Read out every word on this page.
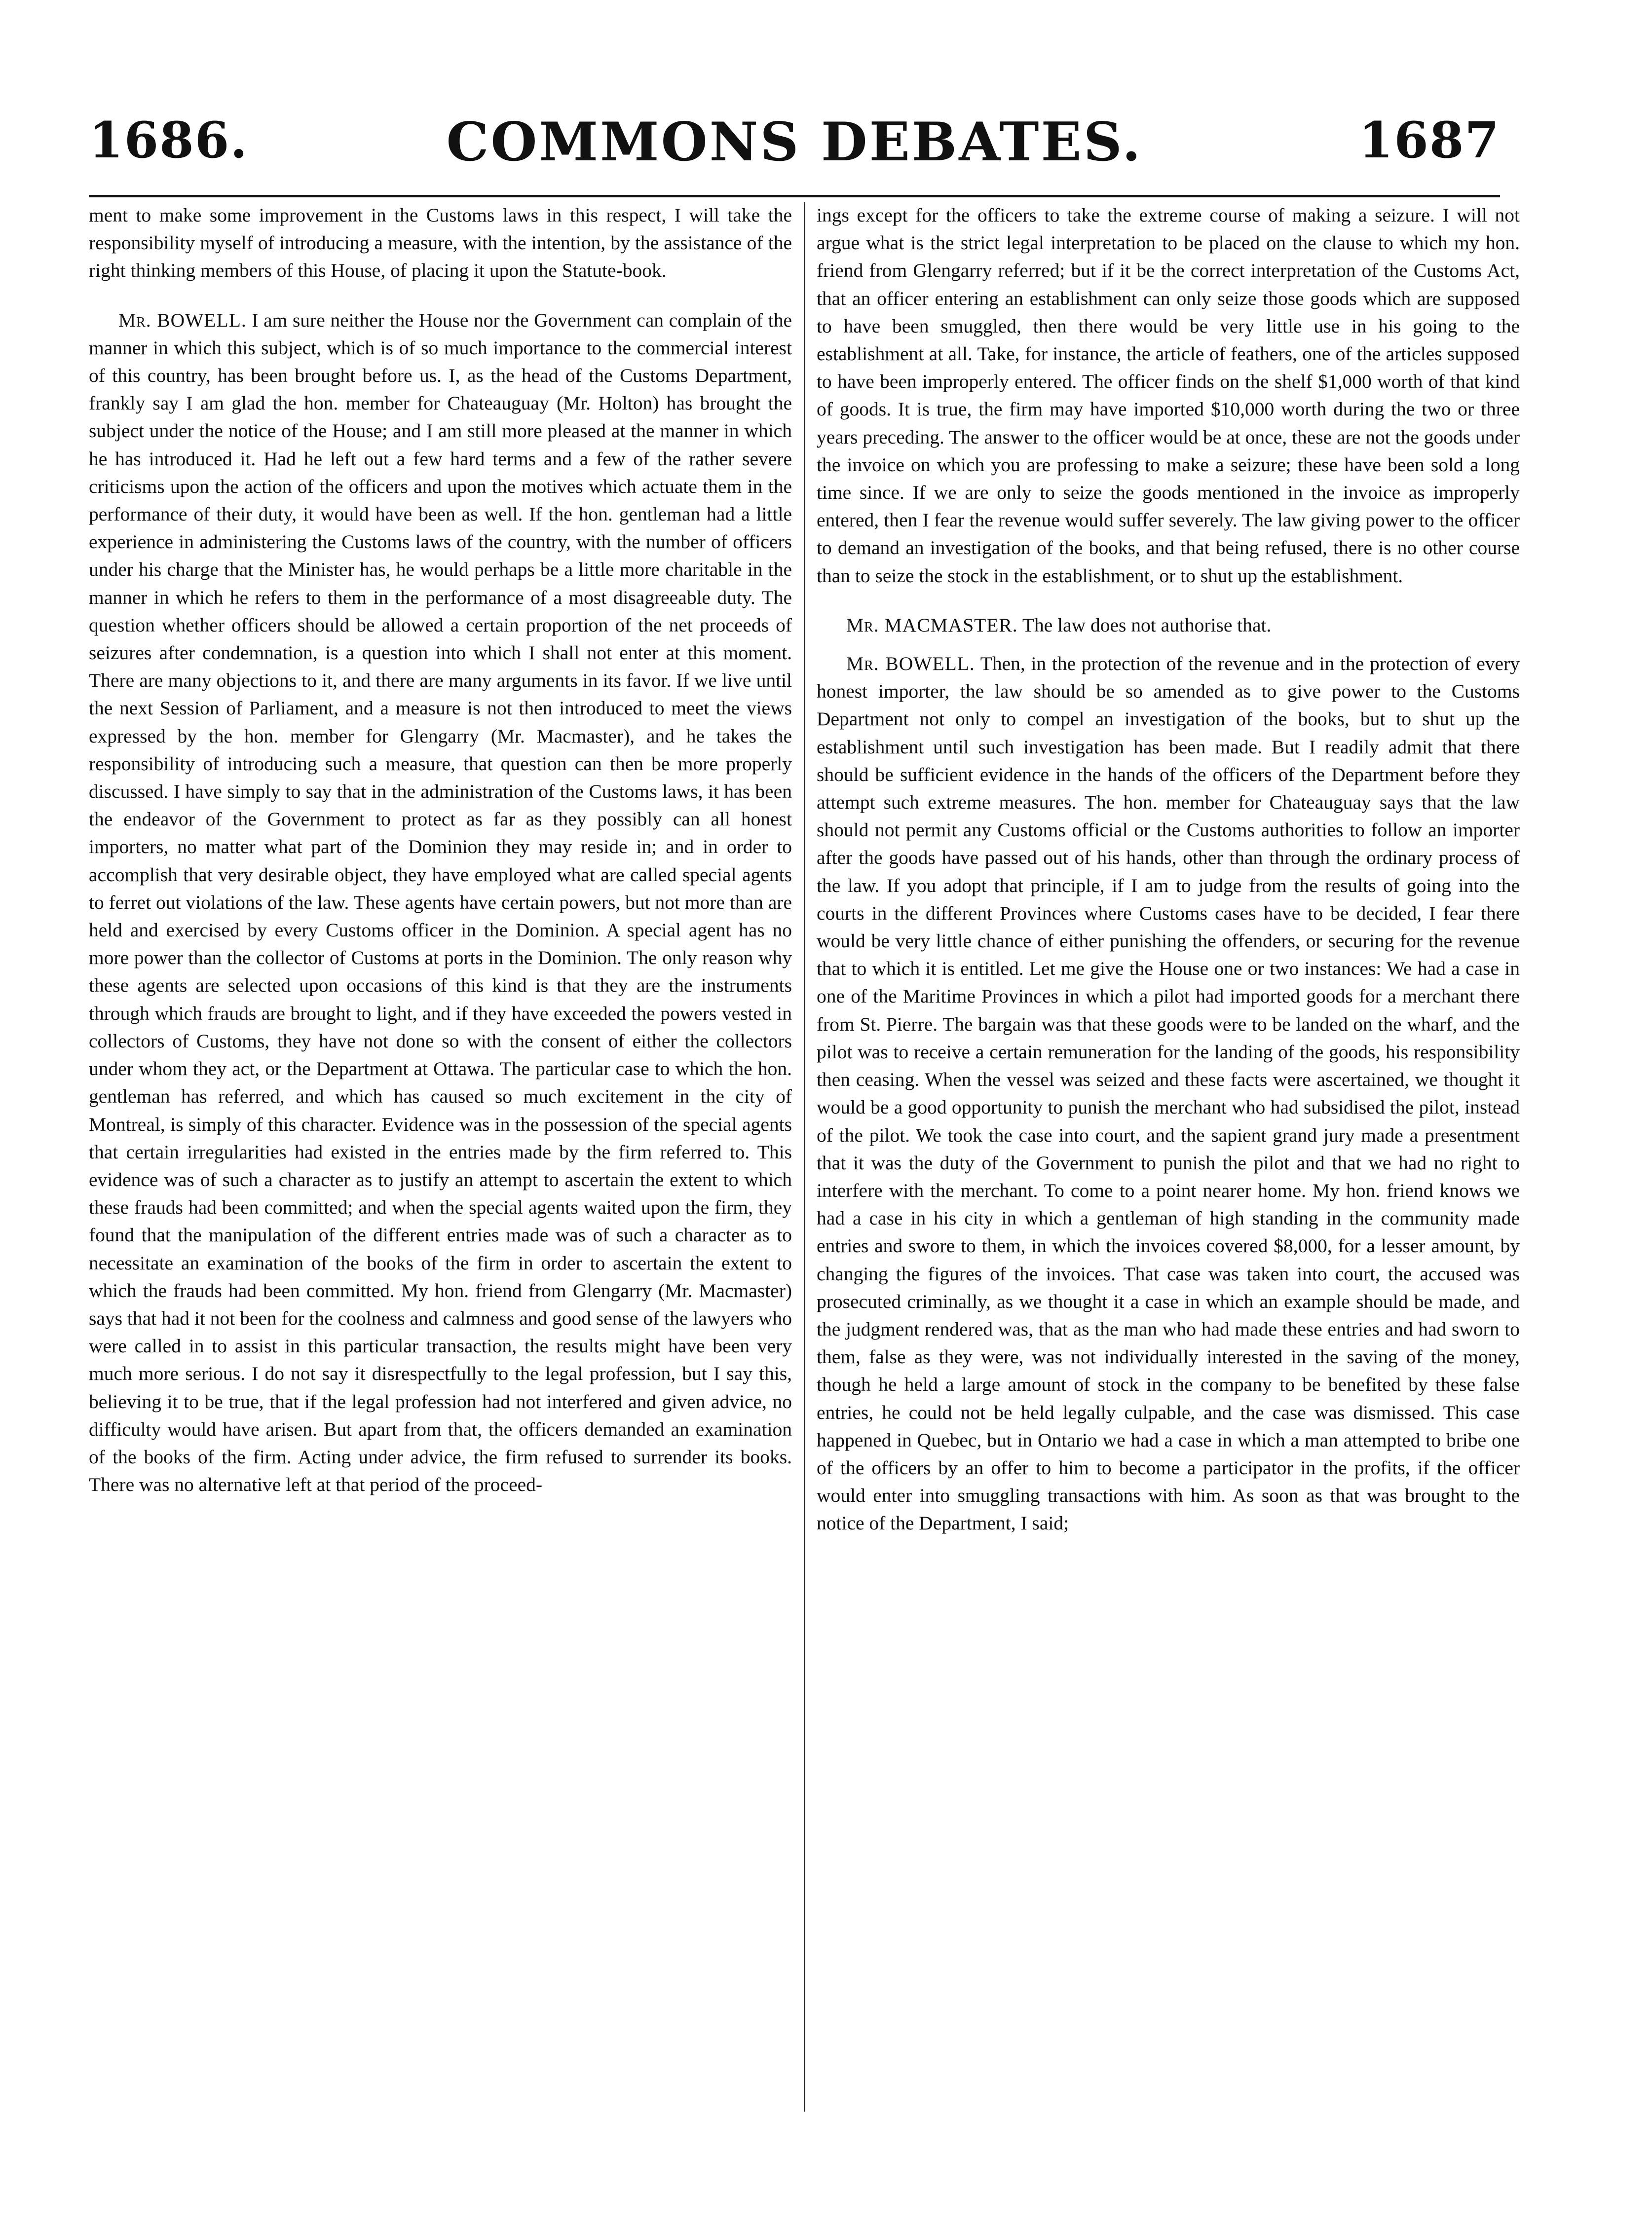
COMMONS DEBATES.
1686.	1687

ment to make some improvement in the Customs laws in this respect, I will take the responsibility myself of introducing a measure, with the intention, by the assistance of the right thinking members of this House, of placing it upon the Statute-book.

Mr. BOWELL. I am sure neither the House nor the Government can complain of the manner in which this subject, which is of so much importance to the commercial interest of this country, has been brought before us. I, as the head of the Customs Department, frankly say I am glad the hon. member for Chateauguay (Mr. Holton) has brought the subject under the notice of the House; and I am still more pleased at the manner in which he has introduced it. Had he left out a few hard terms and a few of the rather severe criticisms upon the action of the officers and upon the motives which actuate them in the performance of their duty, it would have been as well. If the hon. gentleman had a little experience in administering the Customs laws of the country, with the number of officers under his charge that the Minister has, he would perhaps be a little more charitable in the manner in which he refers to them in the performance of a most disagreeable duty. The question whether officers should be allowed a certain proportion of the net proceeds of seizures after condemnation, is a question into which I shall not enter at this moment. There are many objections to it, and there are many arguments in its favor. If we live until the next Session of Parliament, and a measure is not then introduced to meet the views expressed by the hon. member for Glengarry (Mr. Macmaster), and he takes the responsibility of introducing such a measure, that question can then be more properly discussed. I have simply to say that in the administration of the Customs laws, it has been the endeavor of the Government to protect as far as they possibly can all honest importers, no matter what part of the Dominion they may reside in; and in order to accomplish that very desirable object, they have employed what are called special agents to ferret out violations of the law. These agents have certain powers, but not more than are held and exercised by every Customs officer in the Dominion. A special agent has no more power than the collector of Customs at ports in the Dominion. The only reason why these agents are selected upon occasions of this kind is that they are the instruments through which frauds are brought to light, and if they have exceeded the powers vested in collectors of Customs, they have not done so with the consent of either the collectors under whom they act, or the Department at Ottawa. The particular case to which the hon. gentleman has referred, and which has caused so much excitement in the city of Montreal, is simply of this character. Evidence was in the possession of the special agents that certain irregularities had existed in the entries made by the firm referred to. This evidence was of such a character as to justify an attempt to ascertain the extent to which these frauds had been committed; and when the special agents waited upon the firm, they found that the manipulation of the different entries made was of such a character as to necessitate an examination of the books of the firm in order to ascertain the extent to which the frauds had been committed. My hon. friend from Glengarry (Mr. Macmaster) says that had it not been for the coolness and calmness and good sense of the lawyers who were called in to assist in this particular transaction, the results might have been very much more serious. I do not say it disrespectfully to the legal profession, but I say this, believing it to be true, that if the legal profession had not interfered and given advice, no difficulty would have arisen. But apart from that, the officers demanded an examination of the books of the firm. Acting under advice, the firm refused to surrender its books. There was no alternative left at that period of the proceed-

ings except for the officers to take the extreme course of making a seizure. I will not argue what is the strict legal interpretation to be placed on the clause to which my hon. friend from Glengarry referred; but if it be the correct interpretation of the Customs Act, that an officer entering an establishment can only seize those goods which are supposed to have been smuggled, then there would be very little use in his going to the establishment at all. Take, for instance, the article of feathers, one of the articles supposed to have been improperly entered. The officer finds on the shelf $1,000 worth of that kind of goods. It is true, the firm may have imported $10,000 worth during the two or three years preceding. The answer to the officer would be at once, these are not the goods under the invoice on which you are professing to make a seizure; these have been sold a long time since. If we are only to seize the goods mentioned in the invoice as improperly entered, then I fear the revenue would suffer severely. The law giving power to the officer to demand an investigation of the books, and that being refused, there is no other course than to seize the stock in the establishment, or to shut up the establishment.

Mr. MACMASTER. The law does not authorise that.

Mr. BOWELL. Then, in the protection of the revenue and in the protection of every honest importer, the law should be so amended as to give power to the Customs Department not only to compel an investigation of the books, but to shut up the establishment until such investigation has been made. But I readily admit that there should be sufficient evidence in the hands of the officers of the Department before they attempt such extreme measures. The hon. member for Chateauguay says that the law should not permit any Customs official or the Customs authorities to follow an importer after the goods have passed out of his hands, other than through the ordinary process of the law. If you adopt that principle, if I am to judge from the results of going into the courts in the different Provinces where Customs cases have to be decided, I fear there would be very little chance of either punishing the offenders, or securing for the revenue that to which it is entitled. Let me give the House one or two instances: We had a case in one of the Maritime Provinces in which a pilot had imported goods for a merchant there from St. Pierre. The bargain was that these goods were to be landed on the wharf, and the pilot was to receive a certain remuneration for the landing of the goods, his responsibility then ceasing. When the vessel was seized and these facts were ascertained, we thought it would be a good opportunity to punish the merchant who had subsidised the pilot, instead of the pilot. We took the case into court, and the sapient grand jury made a presentment that it was the duty of the Government to punish the pilot and that we had no right to interfere with the merchant. To come to a point nearer home. My hon. friend knows we had a case in his city in which a gentleman of high standing in the community made entries and swore to them, in which the invoices covered $8,000, for a lesser amount, by changing the figures of the invoices. That case was taken into court, the accused was prosecuted criminally, as we thought it a case in which an example should be made, and the judgment rendered was, that as the man who had made these entries and had sworn to them, false as they were, was not individually interested in the saving of the money, though he held a large amount of stock in the company to be benefited by these false entries, he could not be held legally culpable, and the case was dismissed. This case happened in Quebec, but in Ontario we had a case in which a man attempted to bribe one of the officers by an offer to him to become a participator in the profits, if the officer would enter into smuggling transactions with him. As soon as that was brought to the notice of the Department, I said;
